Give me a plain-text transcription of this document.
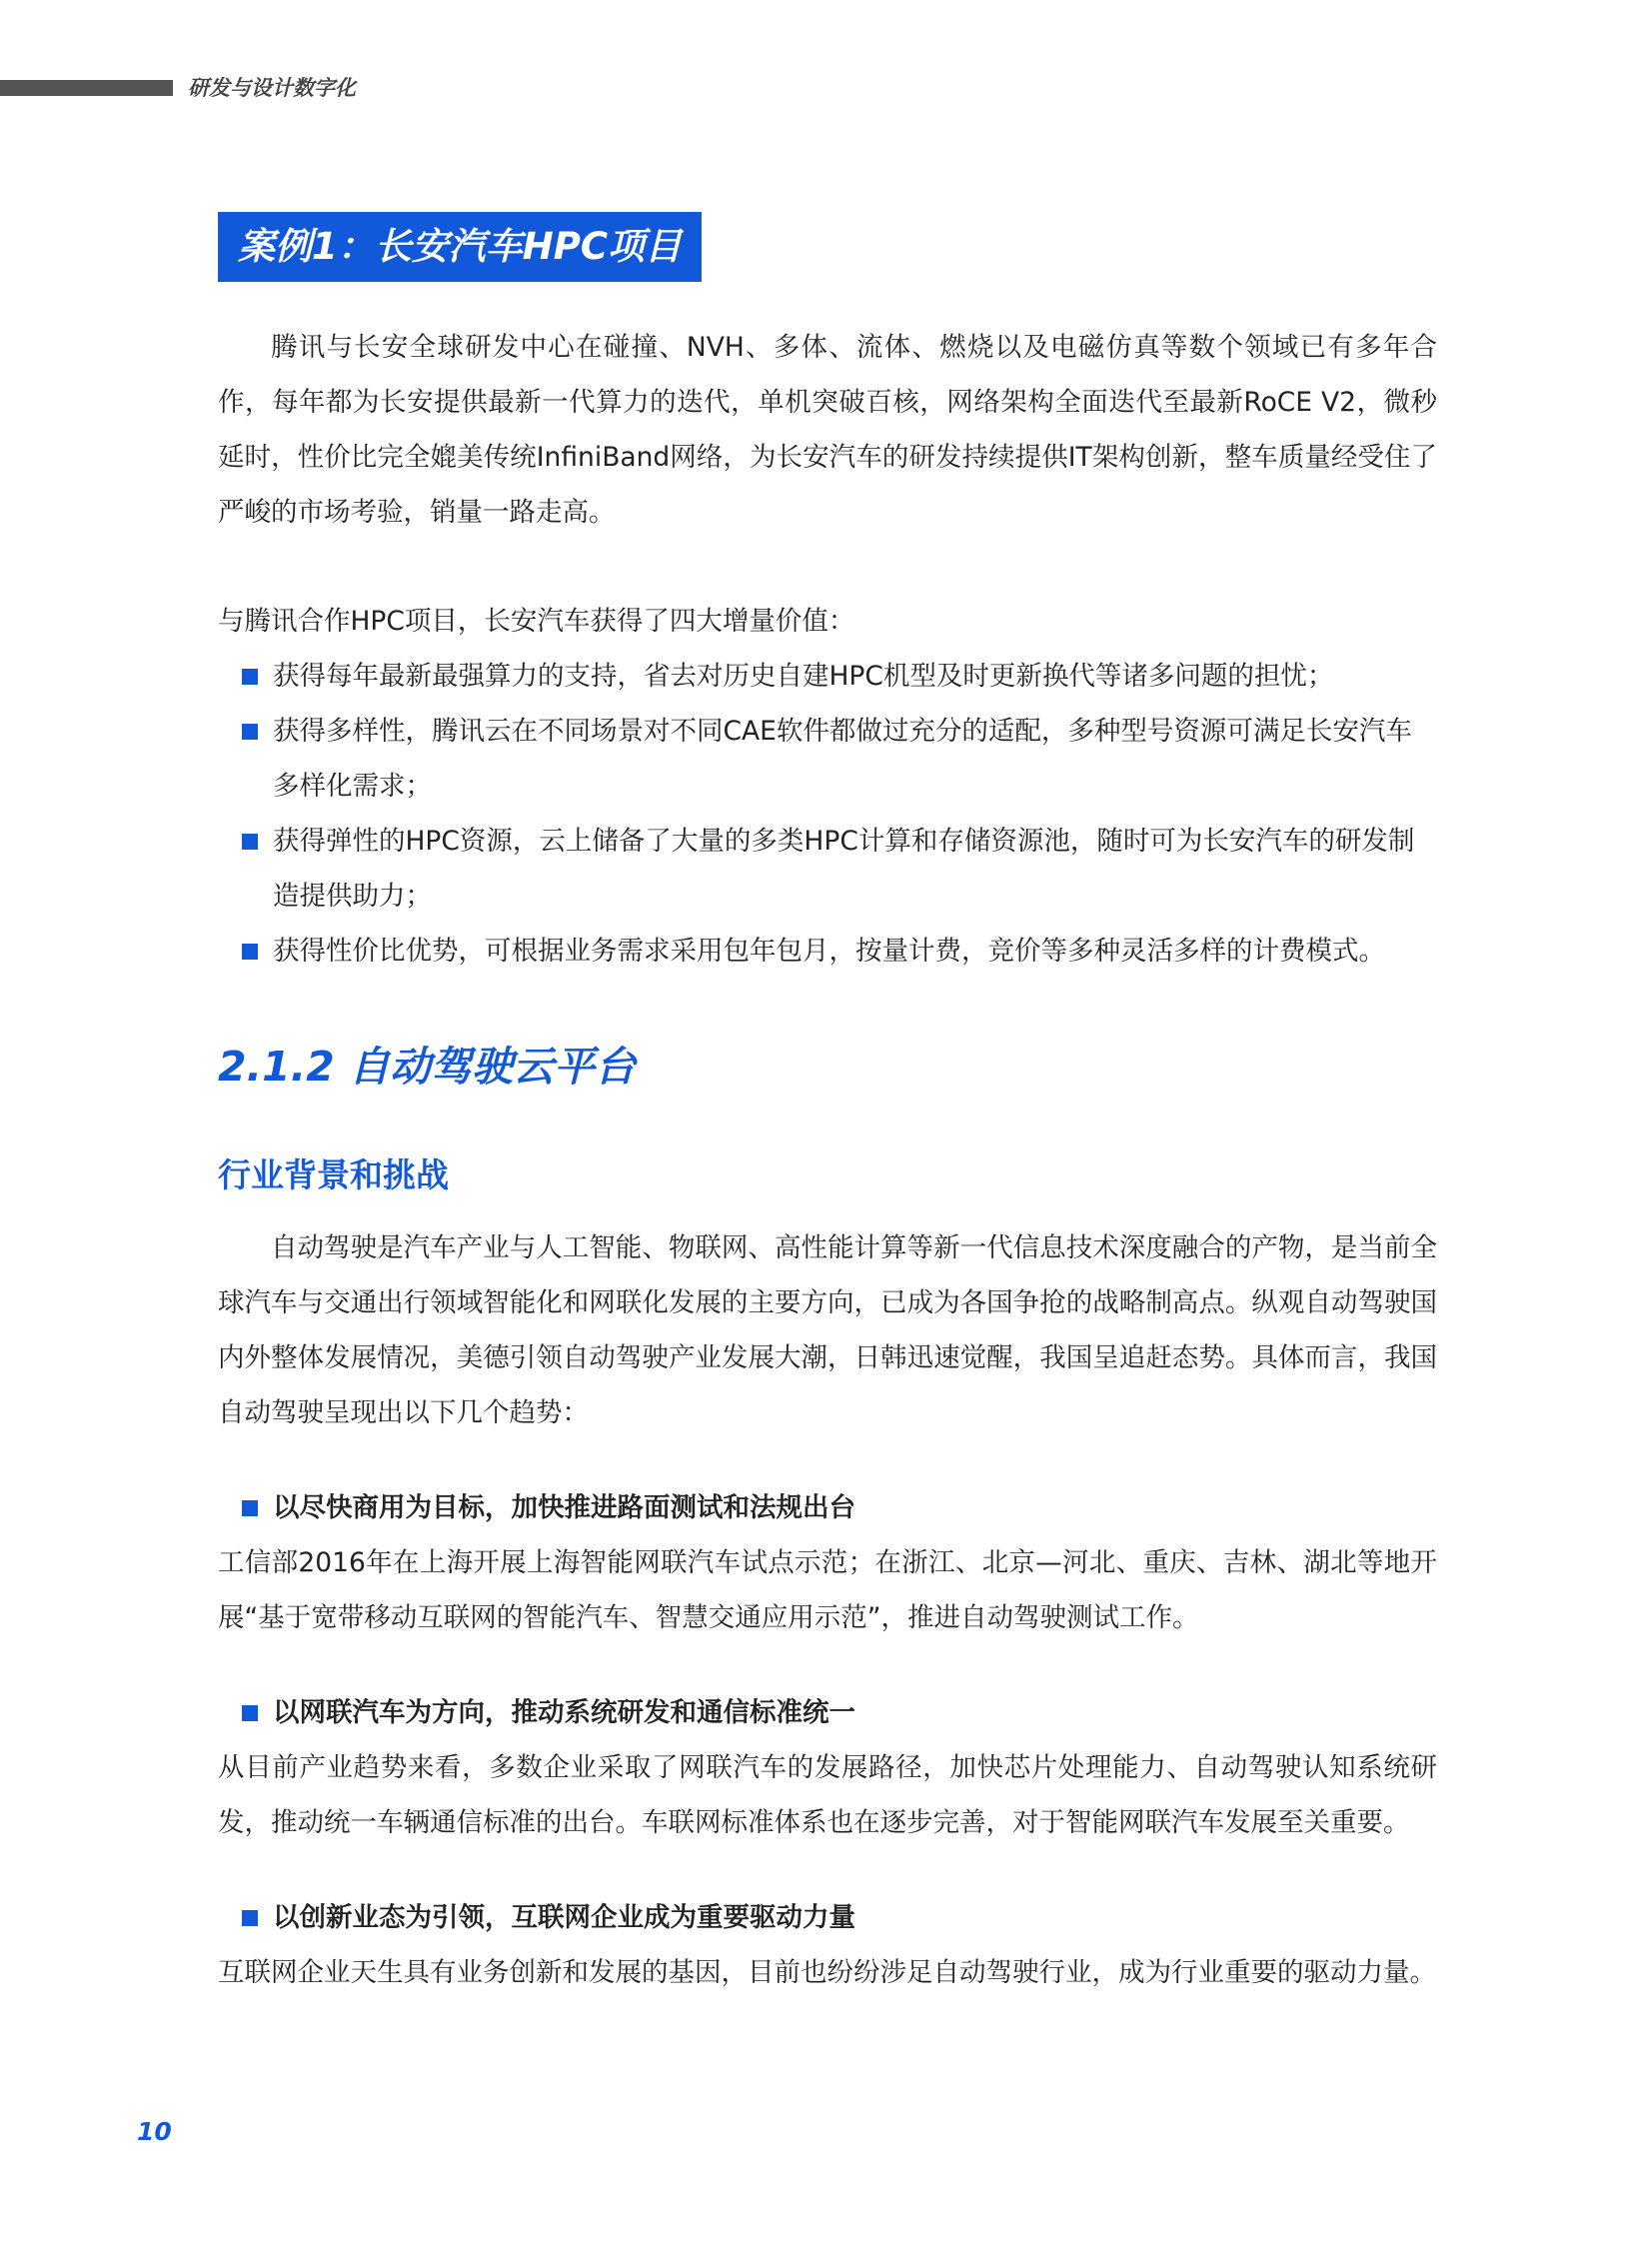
研发与设计数字化
案例1：长安汽车HPC项目

腾讯与长安全球研发中心在碰撞、NVH、多体、流体、燃烧以及电磁仿真等数个领域已有多年合作，每年都为长安提供最新一代算力的迭代，单机突破百核，网络架构全面迭代至最新RoCE V2，微秒延时，性价比完全媲美传统InfiniBand网络，为长安汽车的研发持续提供IT架构创新，整车质量经受住了严峻的市场考验，销量一路走高。

与腾讯合作HPC项目，长安汽车获得了四大增量价值：

获得每年最新最强算力的支持，省去对历史自建HPC机型及时更新换代等诸多问题的担忧；
获得多样性，腾讯云在不同场景对不同CAE软件都做过充分的适配，多种型号资源可满足长安汽车多样化需求；
获得弹性的HPC资源，云上储备了大量的多类HPC计算和存储资源池，随时可为长安汽车的研发制造提供助力；
获得性价比优势，可根据业务需求采用包年包月，按量计费，竞价等多种灵活多样的计费模式。
2.1.2 自动驾驶云平台
行业背景和挑战

自动驾驶是汽车产业与人工智能、物联网、高性能计算等新一代信息技术深度融合的产物，是当前全球汽车与交通出行领域智能化和网联化发展的主要方向，已成为各国争抢的战略制高点。纵观自动驾驶国内外整体发展情况，美德引领自动驾驶产业发展大潮，日韩迅速觉醒，我国呈追赶态势。具体而言，我国自动驾驶呈现出以下几个趋势：

以尽快商用为目标，加快推进路面测试和法规出台

工信部2016年在上海开展上海智能网联汽车试点示范；在浙江、北京—河北、重庆、吉林、湖北等地开展“基于宽带移动互联网的智能汽车、智慧交通应用示范”，推进自动驾驶测试工作。

以网联汽车为方向，推动系统研发和通信标准统一

从目前产业趋势来看，多数企业采取了网联汽车的发展路径，加快芯片处理能力、自动驾驶认知系统研发，推动统一车辆通信标准的出台。车联网标准体系也在逐步完善，对于智能网联汽车发展至关重要。

以创新业态为引领，互联网企业成为重要驱动力量

互联网企业天生具有业务创新和发展的基因，目前也纷纷涉足自动驾驶行业，成为行业重要的驱动力量。

10
